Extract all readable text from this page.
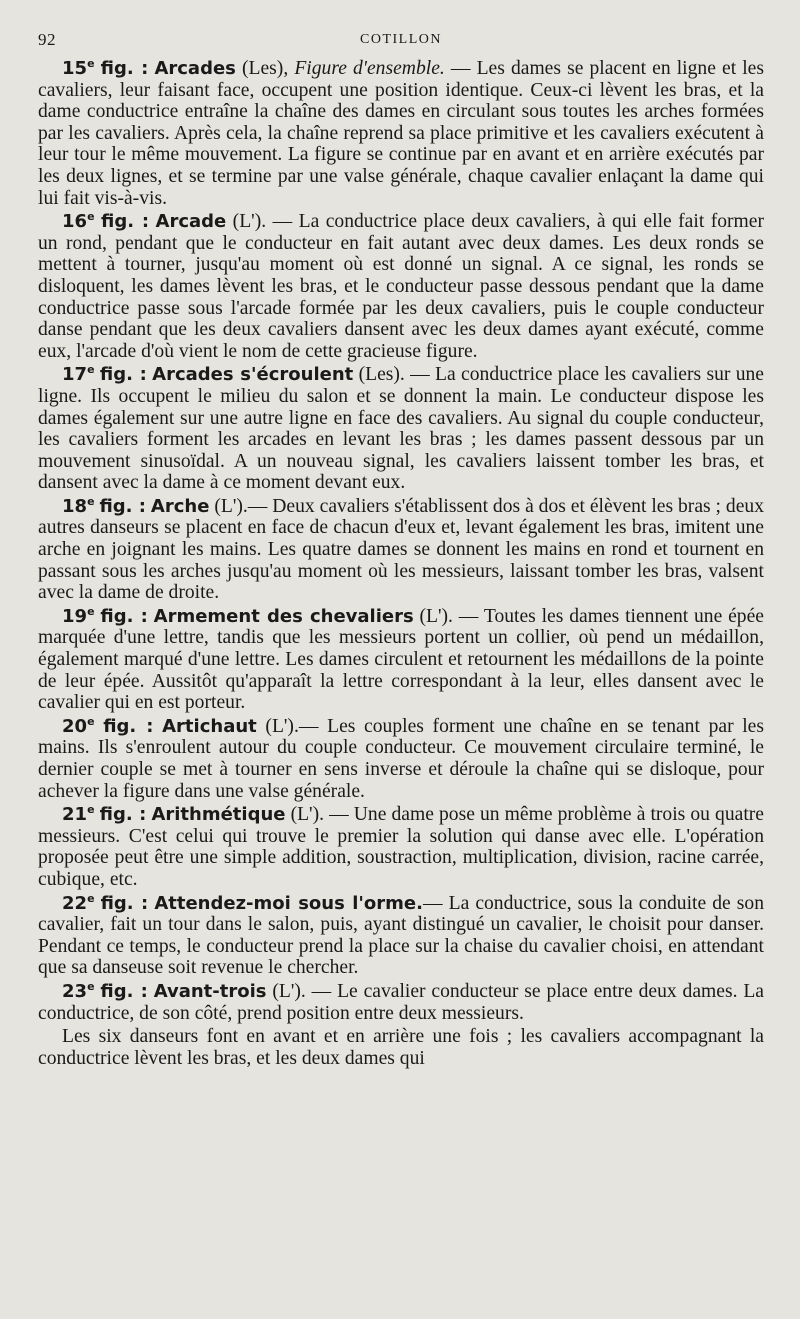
92	COTILLON

15e fig. : Arcades (Les), Figure d'ensemble. — Les dames se placent en ligne et les cavaliers, leur faisant face, occupent une position identique. Ceux-ci lèvent les bras, et la dame conductrice entraîne la chaîne des dames en circulant sous toutes les arches formées par les cavaliers. Après cela, la chaîne reprend sa place primitive et les cavaliers exécutent à leur tour le même mouvement. La figure se continue par en avant et en arrière exécutés par les deux lignes, et se termine par une valse générale, chaque cavalier enlaçant la dame qui lui fait vis-à-vis.

16e fig. : Arcade (L'). — La conductrice place deux cavaliers, à qui elle fait former un rond, pendant que le conducteur en fait autant avec deux dames. Les deux ronds se mettent à tourner, jusqu'au moment où est donné un signal. A ce signal, les ronds se disloquent, les dames lèvent les bras, et le conducteur passe dessous pendant que la dame conductrice passe sous l'arcade formée par les deux cavaliers, puis le couple conducteur danse pendant que les deux cavaliers dansent avec les deux dames ayant exécuté, comme eux, l'arcade d'où vient le nom de cette gracieuse figure.

17e fig. : Arcades s'écroulent (Les). — La conductrice place les cavaliers sur une ligne. Ils occupent le milieu du salon et se donnent la main. Le conducteur dispose les dames également sur une autre ligne en face des cavaliers. Au signal du couple conducteur, les cavaliers forment les arcades en levant les bras ; les dames passent dessous par un mouvement sinusoïdal. A un nouveau signal, les cavaliers laissent tomber les bras, et dansent avec la dame à ce moment devant eux.

18e fig. : Arche (L').— Deux cavaliers s'établissent dos à dos et élèvent les bras ; deux autres danseurs se placent en face de chacun d'eux et, levant également les bras, imitent une arche en joignant les mains. Les quatre dames se donnent les mains en rond et tournent en passant sous les arches jusqu'au moment où les messieurs, laissant tomber les bras, valsent avec la dame de droite.

19e fig. : Armement des chevaliers (L'). — Toutes les dames tiennent une épée marquée d'une lettre, tandis que les messieurs portent un collier, où pend un médaillon, également marqué d'une lettre. Les dames circulent et retournent les médaillons de la pointe de leur épée. Aussitôt qu'apparaît la lettre correspondant à la leur, elles dansent avec le cavalier qui en est porteur.

20e fig. : Artichaut (L').— Les couples forment une chaîne en se tenant par les mains. Ils s'enroulent autour du couple conducteur. Ce mouvement circulaire terminé, le dernier couple se met à tourner en sens inverse et déroule la chaîne qui se disloque, pour achever la figure dans une valse générale.

21e fig. : Arithmétique (L'). — Une dame pose un même problème à trois ou quatre messieurs. C'est celui qui trouve le premier la solution qui danse avec elle. L'opération proposée peut être une simple addition, soustraction, multiplication, division, racine carrée, cubique, etc.

22e fig. : Attendez-moi sous l'orme.— La conductrice, sous la conduite de son cavalier, fait un tour dans le salon, puis, ayant distingué un cavalier, le choisit pour danser. Pendant ce temps, le conducteur prend la place sur la chaise du cavalier choisi, en attendant que sa danseuse soit revenue le chercher.

23e fig. : Avant-trois (L'). — Le cavalier conducteur se place entre deux dames. La conductrice, de son côté, prend position entre deux messieurs.

Les six danseurs font en avant et en arrière une fois ; les cavaliers accompagnant la conductrice lèvent les bras, et les deux dames qui
